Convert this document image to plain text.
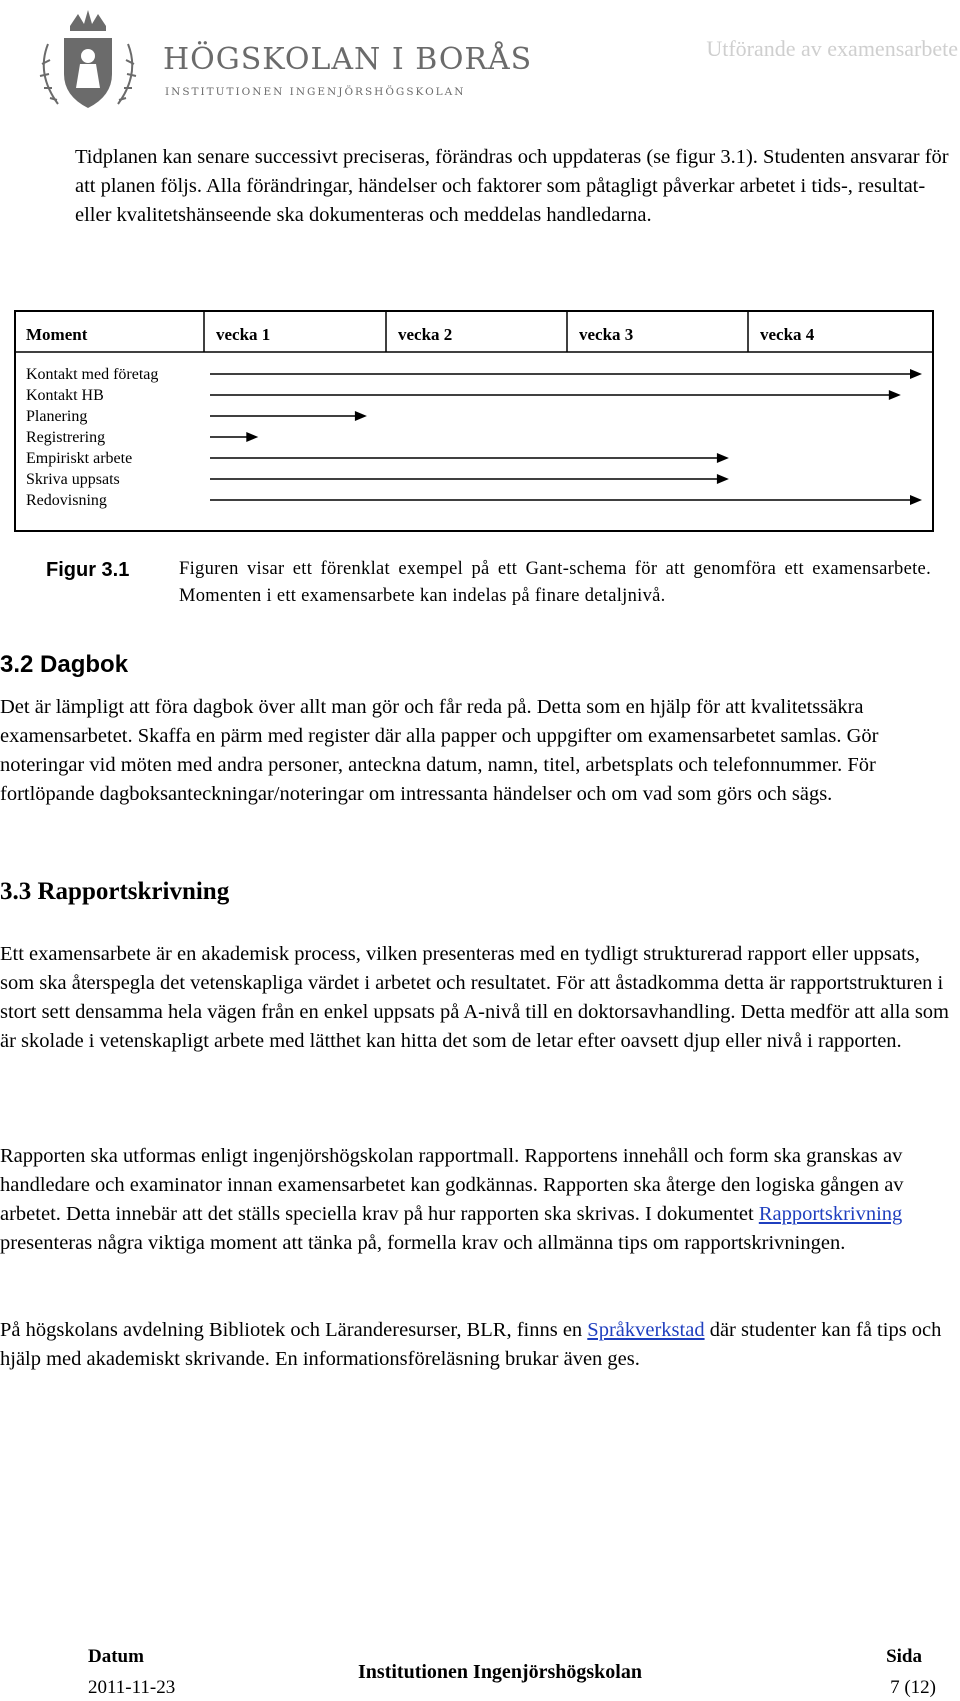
HÖGSKOLAN I BORÅS
INSTITUTIONEN INGENJÖRSHÖGSKOLAN
Utförande av examensarbete

Tidplanen kan senare successivt preciseras, förändras och uppdateras (se figur 3.1). Studenten ansvarar för att planen följs. Alla förändringar, händelser och faktorer som påtagligt påverkar arbetet i tids-, resultat- eller kvalitetshänseende ska dokumenteras och meddelas handledarna.

Moment	vecka 1	vecka 2	vecka 3	vecka 4
Kontakt med företag
Kontakt HB
Planering
Registrering
Empiriskt arbete
Skriva uppsats
Redovisning
Figur 3.1	Figuren visar ett förenklat exempel på ett Gant-schema för att genomföra ett examensarbete. Momenten i ett examensarbete kan indelas på finare detaljnivå.
3.2 Dagbok

Det är lämpligt att föra dagbok över allt man gör och får reda på. Detta som en hjälp för att kvalitetssäkra examensarbetet. Skaffa en pärm med register där alla papper och uppgifter om examensarbetet samlas. Gör noteringar vid möten med andra personer, anteckna datum, namn, titel, arbetsplats och telefonnummer. För fortlöpande dagboksanteckningar/noteringar om intressanta händelser och om vad som görs och sägs.

3.3 Rapportskrivning

Ett examensarbete är en akademisk process, vilken presenteras med en tydligt strukturerad rapport eller uppsats, som ska återspegla det vetenskapliga värdet i arbetet och resultatet. För att åstadkomma detta är rapportstrukturen i stort sett densamma hela vägen från en enkel uppsats på A-nivå till en doktorsavhandling. Detta medför att alla som är skolade i vetenskapligt arbete med lätthet kan hitta det som de letar efter oavsett djup eller nivå i rapporten.

Rapporten ska utformas enligt ingenjörshögskolan rapportmall. Rapportens innehåll och form ska granskas av handledare och examinator innan examensarbetet kan godkännas. Rapporten ska återge den logiska gången av arbetet. Detta innebär att det ställs speciella krav på hur rapporten ska skrivas. I dokumentet Rapportskrivning presenteras några viktiga moment att tänka på, formella krav och allmänna tips om rapportskrivningen.

På högskolans avdelning Bibliotek och Läranderesurser, BLR, finns en Språkverkstad där studenter kan få tips och hjälp med akademiskt skrivande. En informationsföreläsning brukar även ges.

Datum
2011-11-23
Institutionen Ingenjörshögskolan
Sida
7 (12)
